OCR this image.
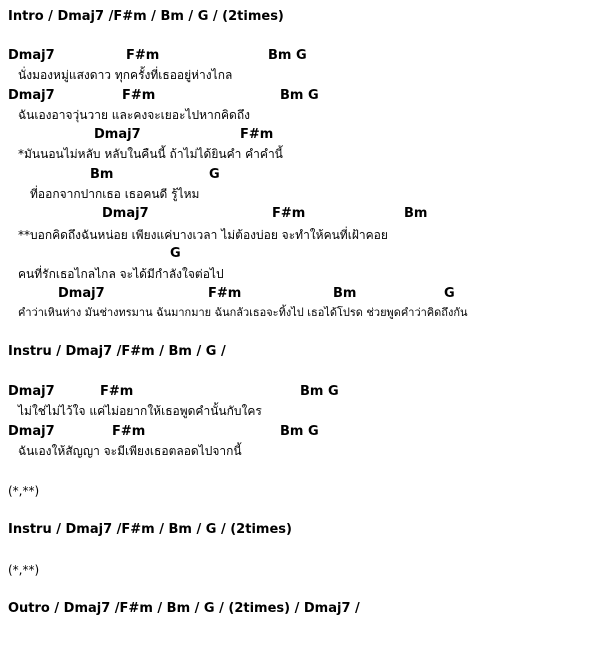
Intro / Dmaj7 /F#m / Bm / G / (2times)
Dmaj7	F#m	Bm G
นั่งมองหมู่แสงดาว ทุกครั้งที่เธออยู่ห่างไกล
Dmaj7	F#m	Bm G
ฉันเองอาจวุ่นวาย และคงจะเยอะไปหากคิดถึง
Dmaj7	F#m
*มันนอนไม่หลับ หลับในคืนนี้ ถ้าไม่ได้ยินคำ คำคำนี้
Bm	G
ที่ออกจากปากเธอ เธอคนดี รู้ไหม
Dmaj7	F#m	Bm
**บอกคิดถึงฉันหน่อย เพียงแค่บางเวลา ไม่ต้องบ่อย จะทำให้คนที่เฝ้าคอย
G
คนที่รักเธอไกลไกล จะได้มีกำลังใจต่อไป
Dmaj7	F#m	Bm	G
คำว่าเหินห่าง มันช่างทรมาน ฉันมากมาย ฉันกลัวเธอจะทิ้งไป เธอได้โปรด ช่วยพูดคำว่าคิดถึงกัน
Instru / Dmaj7 /F#m / Bm / G /
Dmaj7	F#m	Bm G
ไม่ใช่ไม่ไว้ใจ แค่ไม่อยากให้เธอพูดคำนั้นกับใคร
Dmaj7	F#m	Bm G
ฉันเองให้สัญญา จะมีเพียงเธอตลอดไปจากนี้
(*,**)
Instru / Dmaj7 /F#m / Bm / G / (2times)
(*,**)
Outro / Dmaj7 /F#m / Bm / G / (2times) / Dmaj7 /
